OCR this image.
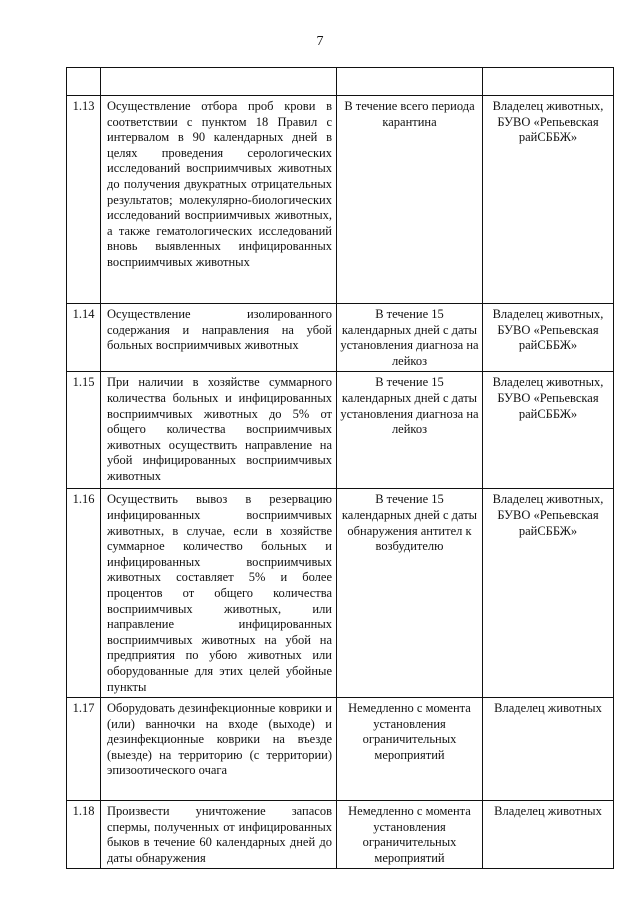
7

1.13	Осуществление отбора проб крови в соответствии с пунктом 18 Правил с интервалом в 90 календарных дней в целях проведения серологических исследований восприимчивых животных до получения двукратных отрицательных результатов; молекулярно-биологических исследований восприимчивых животных, а также гематологических исследований вновь выявленных инфицированных восприимчивых животных	В течение всего периода карантина	Владелец животных, БУВО «Репьевская райСББЖ»
1.14	Осуществление изолированного содержания и направления на убой больных восприимчивых животных	В течение 15 календарных дней с даты установления диагноза на лейкоз	Владелец животных, БУВО «Репьевская райСББЖ»
1.15	При наличии в хозяйстве суммарного количества больных и инфицированных восприимчивых животных до 5% от общего количества восприимчивых животных осуществить направление на убой инфицированных восприимчивых животных	В течение 15 календарных дней с даты установления диагноза на лейкоз	Владелец животных, БУВО «Репьевская райСББЖ»
1.16	Осуществить вывоз в резервацию инфицированных восприимчивых животных, в случае, если в хозяйстве суммарное количество больных и инфицированных восприимчивых животных составляет 5% и более процентов от общего количества восприимчивых животных, или направление инфицированных восприимчивых животных на убой на предприятия по убою животных или оборудованные для этих целей убойные пункты	В течение 15 календарных дней с даты обнаружения антител к возбудителю	Владелец животных, БУВО «Репьевская райСББЖ»
1.17	Оборудовать дезинфекционные коврики и (или) ванночки на входе (выходе) и дезинфекционные коврики на въезде (выезде) на территорию (с территории) эпизоотического очага	Немедленно с момента установления ограничительных мероприятий	Владелец животных
1.18	Произвести уничтожение запасов спермы, полученных от инфицированных быков в течение 60 календарных дней до даты обнаружения	Немедленно с момента установления ограничительных мероприятий	Владелец животных
